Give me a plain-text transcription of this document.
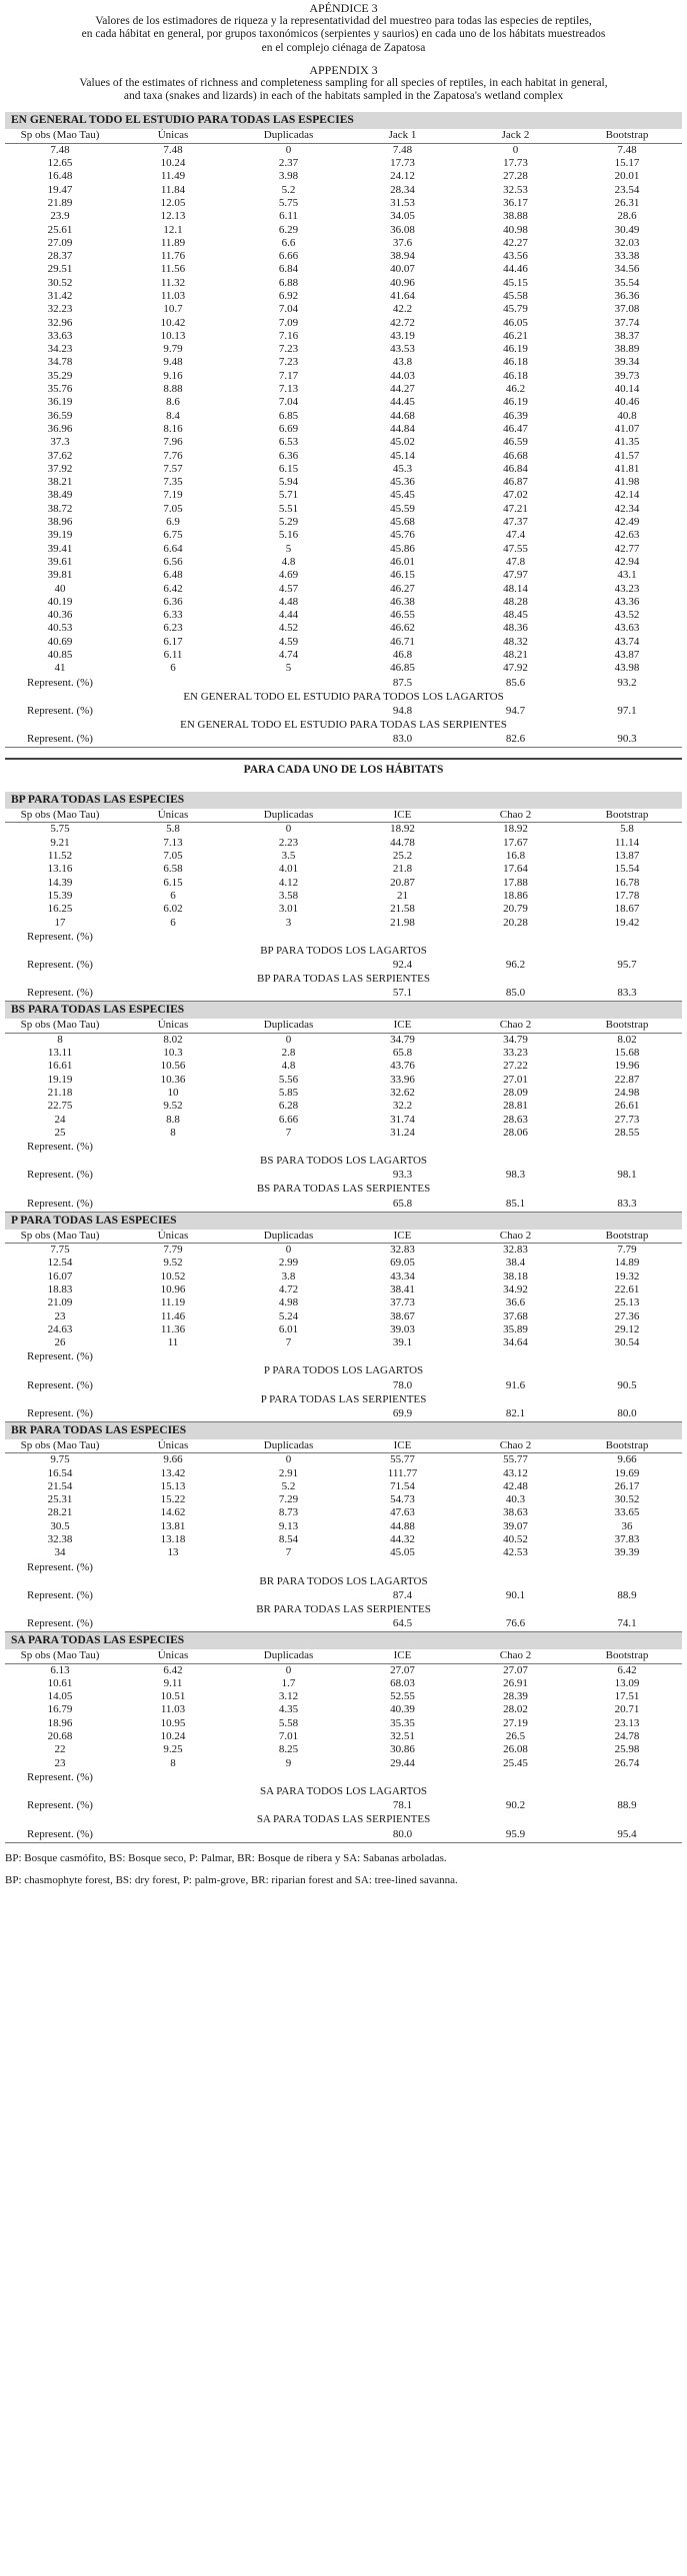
APÉNDICE 3
Valores de los estimadores de riqueza y la representatividad del muestreo para todas las especies de reptiles,
en cada hábitat en general, por grupos taxonómicos (serpientes y saurios) en cada uno de los hábitats muestreados
en el complejo ciénaga de Zapatosa
APPENDIX 3
Values of the estimates of richness and completeness sampling for all species of reptiles, in each habitat in general,
and taxa (snakes and lizards) in each of the habitats sampled in the Zapatosa's wetland complex
EN GENERAL TODO EL ESTUDIO PARA TODAS LAS ESPECIES					
Sp obs (Mao Tau)	Únicas	Duplicadas	Jack 1	Jack 2	Bootstrap
7.48	7.48	0	7.48	0	7.48
12.65	10.24	2.37	17.73	17.73	15.17
16.48	11.49	3.98	24.12	27.28	20.01
19.47	11.84	5.2	28.34	32.53	23.54
21.89	12.05	5.75	31.53	36.17	26.31
23.9	12.13	6.11	34.05	38.88	28.6
25.61	12.1	6.29	36.08	40.98	30.49
27.09	11.89	6.6	37.6	42.27	32.03
28.37	11.76	6.66	38.94	43.56	33.38
29.51	11.56	6.84	40.07	44.46	34.56
30.52	11.32	6.88	40.96	45.15	35.54
31.42	11.03	6.92	41.64	45.58	36.36
32.23	10.7	7.04	42.2	45.79	37.08
32.96	10.42	7.09	42.72	46.05	37.74
33.63	10.13	7.16	43.19	46.21	38.37
34.23	9.79	7.23	43.53	46.19	38.89
34.78	9.48	7.23	43.8	46.18	39.34
35.29	9.16	7.17	44.03	46.18	39.73
35.76	8.88	7.13	44.27	46.2	40.14
36.19	8.6	7.04	44.45	46.19	40.46
36.59	8.4	6.85	44.68	46.39	40.8
36.96	8.16	6.69	44.84	46.47	41.07
37.3	7.96	6.53	45.02	46.59	41.35
37.62	7.76	6.36	45.14	46.68	41.57
37.92	7.57	6.15	45.3	46.84	41.81
38.21	7.35	5.94	45.36	46.87	41.98
38.49	7.19	5.71	45.45	47.02	42.14
38.72	7.05	5.51	45.59	47.21	42.34
38.96	6.9	5.29	45.68	47.37	42.49
39.19	6.75	5.16	45.76	47.4	42.63
39.41	6.64	5	45.86	47.55	42.77
39.61	6.56	4.8	46.01	47.8	42.94
39.81	6.48	4.69	46.15	47.97	43.1
40	6.42	4.57	46.27	48.14	43.23
40.19	6.36	4.48	46.38	48.28	43.36
40.36	6.33	4.44	46.55	48.45	43.52
40.53	6.23	4.52	46.62	48.36	43.63
40.69	6.17	4.59	46.71	48.32	43.74
40.85	6.11	4.74	46.8	48.21	43.87
41	6	5	46.85	47.92	43.98
Represent. (%)			87.5	85.6	93.2
EN GENERAL TODO EL ESTUDIO PARA TODOS LOS LAGARTOS					
Represent. (%)			94.8	94.7	97.1
EN GENERAL TODO EL ESTUDIO PARA TODAS LAS SERPIENTES					
Represent. (%)			83.0	82.6	90.3
PARA CADA UNO DE LOS HÁBITATS
BP PARA TODAS LAS ESPECIES					
Sp obs (Mao Tau)	Únicas	Duplicadas	ICE	Chao 2	Bootstrap
5.75	5.8	0	18.92	18.92	5.8
9.21	7.13	2.23	44.78	17.67	11.14
11.52	7.05	3.5	25.2	16.8	13.87
13.16	6.58	4.01	21.8	17.64	15.54
14.39	6.15	4.12	20.87	17.88	16.78
15.39	6	3.58	21	18.86	17.78
16.25	6.02	3.01	21.58	20.79	18.67
17	6	3	21.98	20.28	19.42
Represent. (%)					
BP PARA TODOS LOS LAGARTOS					
Represent. (%)			92.4	96.2	95.7
BP PARA TODAS LAS SERPIENTES					
Represent. (%)			57.1	85.0	83.3
BS PARA TODAS LAS ESPECIES					
Sp obs (Mao Tau)	Únicas	Duplicadas	ICE	Chao 2	Bootstrap
8	8.02	0	34.79	34.79	8.02
13.11	10.3	2.8	65.8	33.23	15.68
16.61	10.56	4.8	43.76	27.22	19.96
19.19	10.36	5.56	33.96	27.01	22.87
21.18	10	5.85	32.62	28.09	24.98
22.75	9.52	6.28	32.2	28.81	26.61
24	8.8	6.66	31.74	28.63	27.73
25	8	7	31.24	28.06	28.55
Represent. (%)					
BS PARA TODOS LOS LAGARTOS					
Represent. (%)			93.3	98.3	98.1
BS PARA TODAS LAS SERPIENTES					
Represent. (%)			65.8	85.1	83.3
P PARA TODAS LAS ESPECIES					
Sp obs (Mao Tau)	Únicas	Duplicadas	ICE	Chao 2	Bootstrap
7.75	7.79	0	32.83	32.83	7.79
12.54	9.52	2.99	69.05	38.4	14.89
16.07	10.52	3.8	43.34	38.18	19.32
18.83	10.96	4.72	38.41	34.92	22.61
21.09	11.19	4.98	37.73	36.6	25.13
23	11.46	5.24	38.67	37.68	27.36
24.63	11.36	6.01	39.03	35.89	29.12
26	11	7	39.1	34.64	30.54
Represent. (%)					
P PARA TODOS LOS LAGARTOS					
Represent. (%)			78.0	91.6	90.5
P PARA TODAS LAS SERPIENTES					
Represent. (%)			69.9	82.1	80.0
BR PARA TODAS LAS ESPECIES					
Sp obs (Mao Tau)	Únicas	Duplicadas	ICE	Chao 2	Bootstrap
9.75	9.66	0	55.77	55.77	9.66
16.54	13.42	2.91	111.77	43.12	19.69
21.54	15.13	5.2	71.54	42.48	26.17
25.31	15.22	7.29	54.73	40.3	30.52
28.21	14.62	8.73	47.63	38.63	33.65
30.5	13.81	9.13	44.88	39.07	36
32.38	13.18	8.54	44.32	40.52	37.83
34	13	7	45.05	42.53	39.39
Represent. (%)					
BR PARA TODOS LOS LAGARTOS					
Represent. (%)			87.4	90.1	88.9
BR PARA TODAS LAS SERPIENTES					
Represent. (%)			64.5	76.6	74.1
SA PARA TODAS LAS ESPECIES					
Sp obs (Mao Tau)	Únicas	Duplicadas	ICE	Chao 2	Bootstrap
6.13	6.42	0	27.07	27.07	6.42
10.61	9.11	1.7	68.03	26.91	13.09
14.05	10.51	3.12	52.55	28.39	17.51
16.79	11.03	4.35	40.39	28.02	20.71
18.96	10.95	5.58	35.35	27.19	23.13
20.68	10.24	7.01	32.51	26.5	24.78
22	9.25	8.25	30.86	26.08	25.98
23	8	9	29.44	25.45	26.74
Represent. (%)					
SA PARA TODOS LOS LAGARTOS					
Represent. (%)			78.1	90.2	88.9
SA PARA TODAS LAS SERPIENTES					
Represent. (%)			80.0	95.9	95.4
BP: Bosque casmófito, BS: Bosque seco, P: Palmar, BR: Bosque de ribera y SA: Sabanas arboladas.
BP: chasmophyte forest, BS: dry forest, P: palm-grove, BR: riparian forest and SA: tree-lined savanna.
